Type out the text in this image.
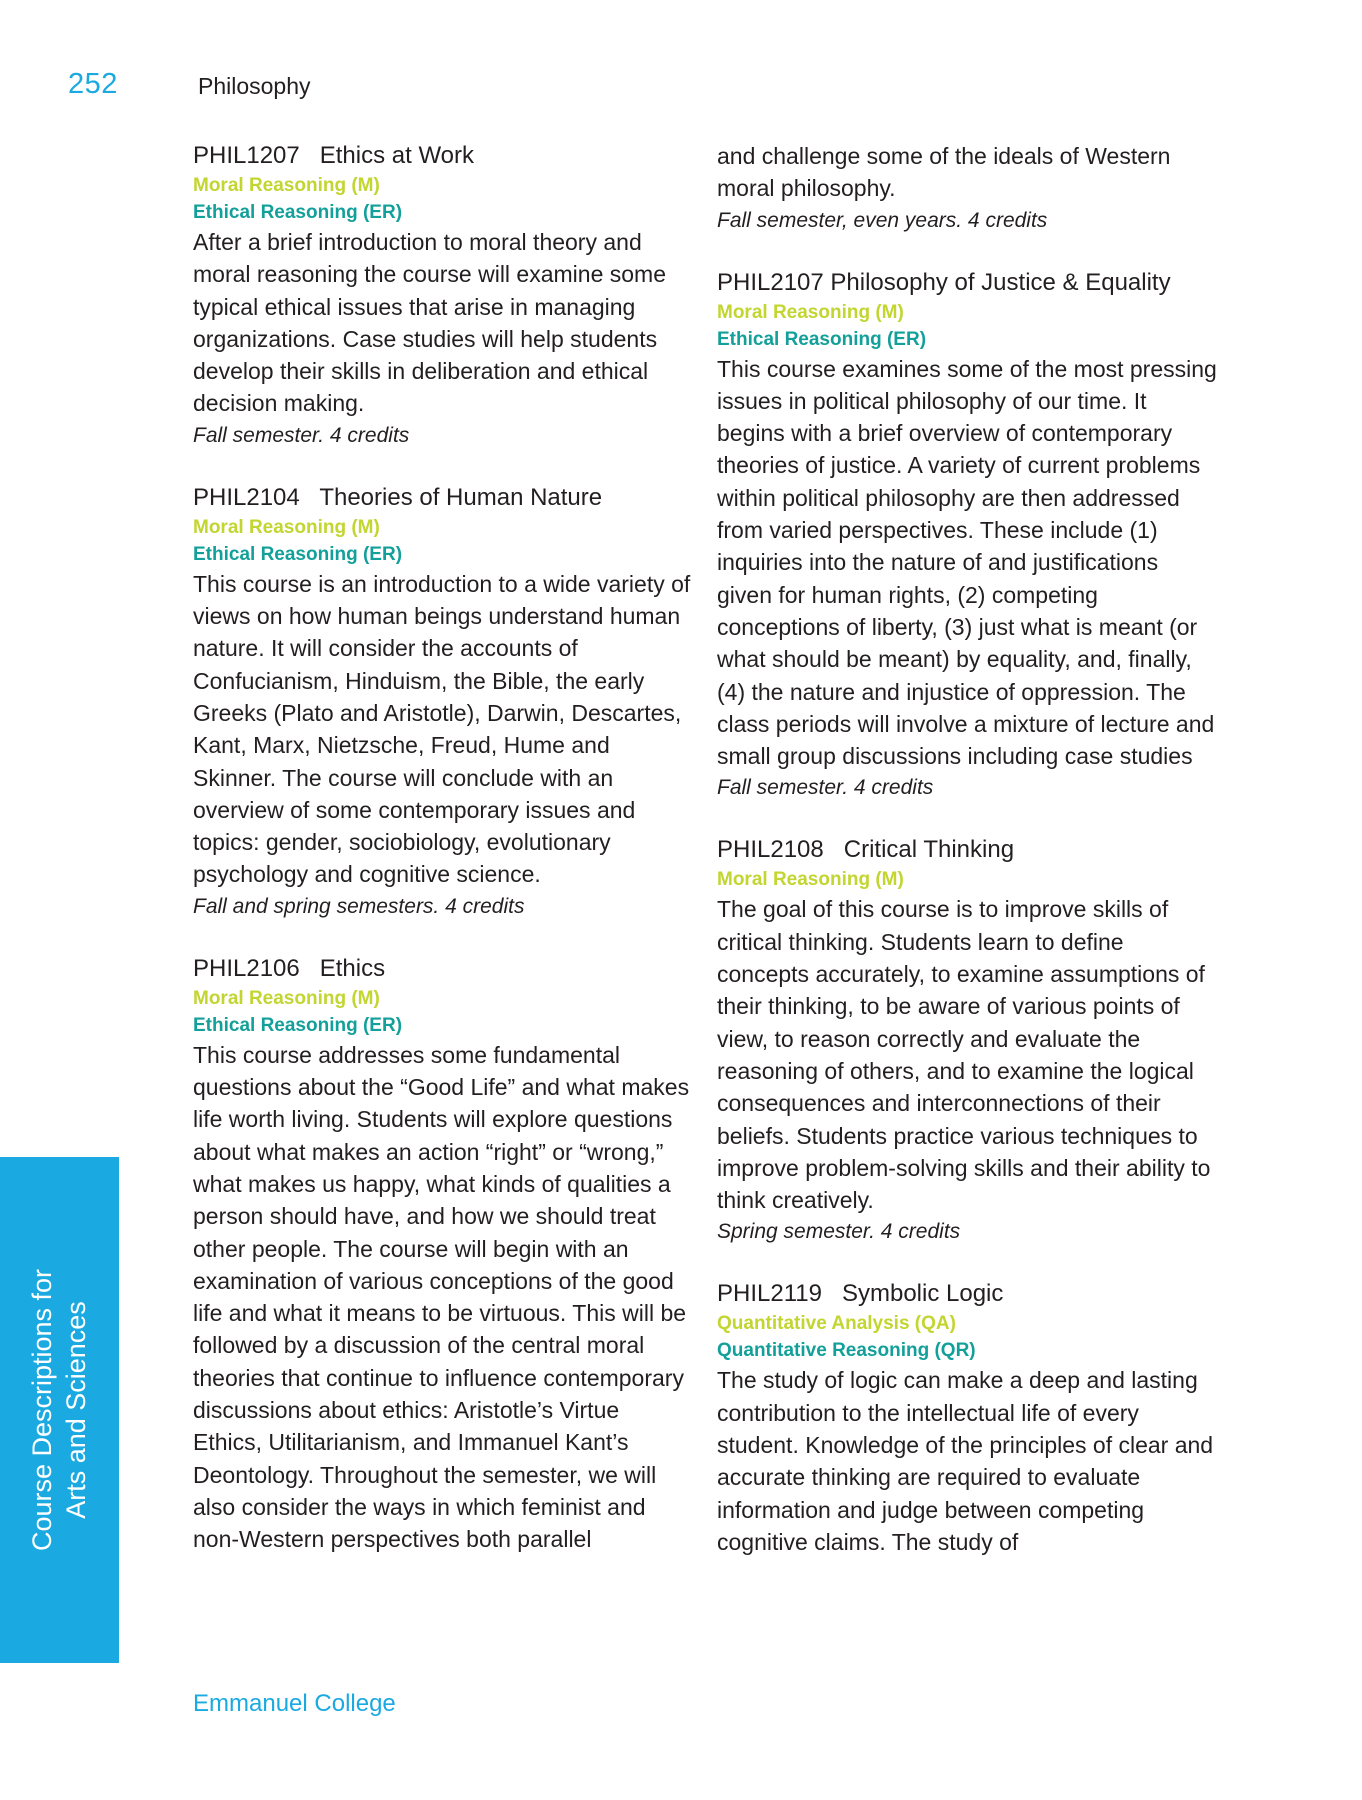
252	Philosophy
PHIL1207   Ethics at Work
Moral Reasoning (M)
Ethical Reasoning (ER)

After a brief introduction to moral theory and moral reasoning the course will examine some typical ethical issues that arise in managing organizations. Case studies will help students develop their skills in deliberation and ethical decision making.

Fall semester. 4 credits
PHIL2104   Theories of Human Nature
Moral Reasoning (M)
Ethical Reasoning (ER)

This course is an introduction to a wide variety of views on how human beings understand human nature. It will consider the accounts of Confucianism, Hinduism, the Bible, the early Greeks (Plato and Aristotle), Darwin, Descartes, Kant, Marx, Nietzsche, Freud, Hume and Skinner. The course will conclude with an overview of some contemporary issues and topics: gender, sociobiology, evolutionary psychology and cognitive science.

Fall and spring semesters. 4 credits
PHIL2106   Ethics
Moral Reasoning (M)
Ethical Reasoning (ER)

This course addresses some fundamental questions about the “Good Life” and what makes life worth living. Students will explore questions about what makes an action “right” or “wrong,” what makes us happy, what kinds of qualities a person should have, and how we should treat other people. The course will begin with an examination of various conceptions of the good life and what it means to be virtuous. This will be followed by a discussion of the central moral theories that continue to influence contemporary discussions about ethics: Aristotle’s Virtue Ethics, Utilitarianism, and Immanuel Kant’s Deontology. Throughout the semester, we will also consider the ways in which feminist and non-Western perspectives both parallel

and challenge some of the ideals of Western moral philosophy.

Fall semester, even years. 4 credits
PHIL2107 Philosophy of Justice & Equality
Moral Reasoning (M)
Ethical Reasoning (ER)

This course examines some of the most pressing issues in political philosophy of our time. It begins with a brief overview of contemporary theories of justice. A variety of current problems within political philosophy are then addressed from varied perspectives. These include (1) inquiries into the nature of and justifications given for human rights, (2) competing conceptions of liberty, (3) just what is meant (or what should be meant) by equality, and, finally, (4) the nature and injustice of oppression. The class periods will involve a mixture of lecture and small group discussions including case studies

Fall semester. 4 credits
PHIL2108   Critical Thinking
Moral Reasoning (M)

The goal of this course is to improve skills of critical thinking. Students learn to define concepts accurately, to examine assumptions of their thinking, to be aware of various points of view, to reason correctly and evaluate the reasoning of others, and to examine the logical consequences and interconnections of their beliefs. Students practice various techniques to improve problem-solving skills and their ability to think creatively.

Spring semester. 4 credits
PHIL2119   Symbolic Logic
Quantitative Analysis (QA)
Quantitative Reasoning (QR)

The study of logic can make a deep and lasting contribution to the intellectual life of every student. Knowledge of the principles of clear and accurate thinking are required to evaluate information and judge between competing cognitive claims. The study of

Course Descriptions for Arts and Sciences
Emmanuel College
